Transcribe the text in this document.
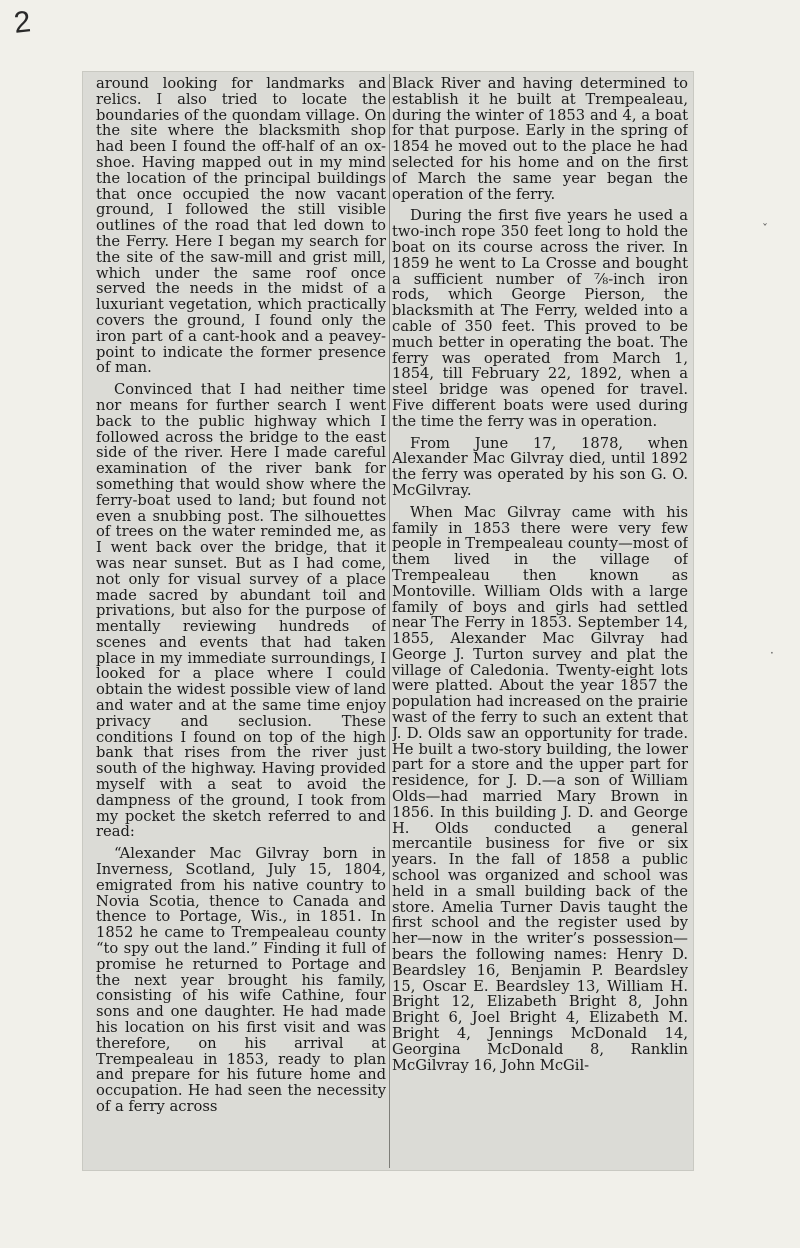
2

around looking for landmarks and relics. I also tried to locate the boundaries of the quondam village. On the site where the blacksmith shop had been I found the off-half of an ox-shoe. Having mapped out in my mind the location of the principal buildings that once occupied the now vacant ground, I followed the still visible outlines of the road that led down to the Ferry. Here I began my search for the site of the saw-mill and grist mill, which under the same roof once served the needs in the midst of a luxuriant vegetation, which practically covers the ground, I found only the iron part of a cant-hook and a peavey-point to indicate the former presence of man.

Convinced that I had neither time nor means for further search I went back to the public highway which I followed across the bridge to the east side of the river. Here I made careful examination of the river bank for something that would show where the ferry-boat used to land; but found not even a snubbing post. The silhouettes of trees on the water reminded me, as I went back over the bridge, that it was near sunset. But as I had come, not only for visual survey of a place made sacred by abundant toil and privations, but also for the purpose of mentally reviewing hundreds of scenes and events that had taken place in my immediate surroundings, I looked for a place where I could obtain the widest possible view of land and water and at the same time enjoy privacy and seclusion. These conditions I found on top of the high bank that rises from the river just south of the highway. Having provided myself with a seat to avoid the dampness of the ground, I took from my pocket the sketch referred to and read:

“Alexander Mac Gilvray born in Inverness, Scotland, July 15, 1804, emigrated from his native country to Novia Scotia, thence to Canada and thence to Portage, Wis., in 1851. In 1852 he came to Trempealeau county “to spy out the land.” Finding it full of promise he returned to Portage and the next year brought his family, consisting of his wife Cathine, four sons and one daughter. He had made his location on his first visit and was therefore, on his arrival at Trempealeau in 1853, ready to plan and prepare for his future home and occupation. He had seen the necessity of a ferry across

Black River and having determined to establish it he built at Trempealeau, during the winter of 1853 and 4, a boat for that purpose. Early in the spring of 1854 he moved out to the place he had selected for his home and on the first of March the same year began the operation of the ferry.

During the first five years he used a two-inch rope 350 feet long to hold the boat on its course across the river. In 1859 he went to La Crosse and bought a sufficient number of ⅞-inch iron rods, which George Pierson, the blacksmith at The Ferry, welded into a cable of 350 feet. This proved to be much better in operating the boat. The ferry was operated from March 1, 1854, till February 22, 1892, when a steel bridge was opened for travel. Five different boats were used during the time the ferry was in operation.

From June 17, 1878, when Alexander Mac Gilvray died, until 1892 the ferry was operated by his son G. O. McGilvray.

When Mac Gilvray came with his family in 1853 there were very few people in Trempealeau county—most of them lived in the village of Trempealeau then known as Montoville. William Olds with a large family of boys and girls had settled near The Ferry in 1853. September 14, 1855, Alexander Mac Gilvray had George J. Turton survey and plat the village of Caledonia. Twenty-eight lots were platted. About the year 1857 the population had increased on the prairie wast of the ferry to such an extent that J. D. Olds saw an opportunity for trade. He built a two-story building, the lower part for a store and the upper part for residence, for J. D.—a son of William Olds—had married Mary Brown in 1856. In this building J. D. and George H. Olds conducted a general mercantile business for five or six years. In the fall of 1858 a public school was organized and school was held in a small building back of the store. Amelia Turner Davis taught the first school and the register used by her—now in the writer’s possession—bears the following names: Henry D. Beardsley 16, Benjamin P. Beardsley 15, Oscar E. Beardsley 13, William H. Bright 12, Elizabeth Bright 8, John Bright 6, Joel Bright 4, Elizabeth M. Bright 4, Jennings McDonald 14, Georgina McDonald 8, Ranklin McGilvray 16, John McGil-

ˇ
·
